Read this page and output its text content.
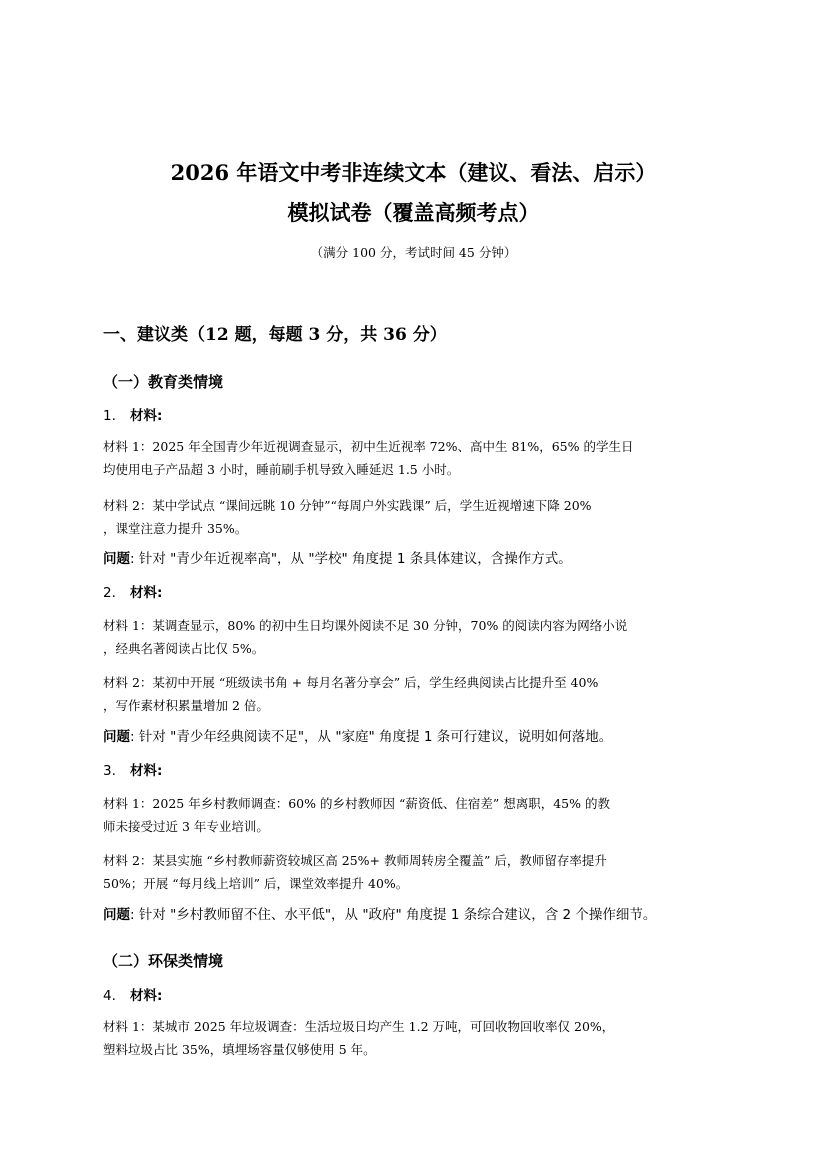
2026 年语文中考非连续文本（建议、看法、启示）
模拟试卷（覆盖高频考点）
（满分 100 分，考试时间 45 分钟）
一、建议类（12 题，每题 3 分，共 36 分）
（一）教育类情境
1. 材料:
材料 1：2025 年全国青少年近视调查显示，初中生近视率 72%、高中生 81%，65% 的学生日
均使用电子产品超 3 小时，睡前刷手机导致入睡延迟 1.5 小时。
材料 2：某中学试点 “课间远眺 10 分钟”“每周户外实践课” 后，学生近视增速下降 20%
，课堂注意力提升 35%。
问题: 针对 "青少年近视率高"，从 "学校" 角度提 1 条具体建议，含操作方式。
2. 材料:
材料 1：某调查显示，80% 的初中生日均课外阅读不足 30 分钟，70% 的阅读内容为网络小说
，经典名著阅读占比仅 5%。
材料 2：某初中开展 “班级读书角 + 每月名著分享会” 后，学生经典阅读占比提升至 40%
，写作素材积累量增加 2 倍。
问题: 针对 "青少年经典阅读不足"，从 "家庭" 角度提 1 条可行建议，说明如何落地。
3. 材料:
材料 1：2025 年乡村教师调查：60% 的乡村教师因 “薪资低、住宿差” 想离职，45% 的教
师未接受过近 3 年专业培训。
材料 2：某县实施 “乡村教师薪资较城区高 25%+ 教师周转房全覆盖” 后，教师留存率提升
50%；开展 “每月线上培训” 后，课堂效率提升 40%。
问题: 针对 "乡村教师留不住、水平低"，从 "政府" 角度提 1 条综合建议，含 2 个操作细节。
（二）环保类情境
4. 材料:
材料 1：某城市 2025 年垃圾调查：生活垃圾日均产生 1.2 万吨，可回收物回收率仅 20%，
塑料垃圾占比 35%，填埋场容量仅够使用 5 年。
